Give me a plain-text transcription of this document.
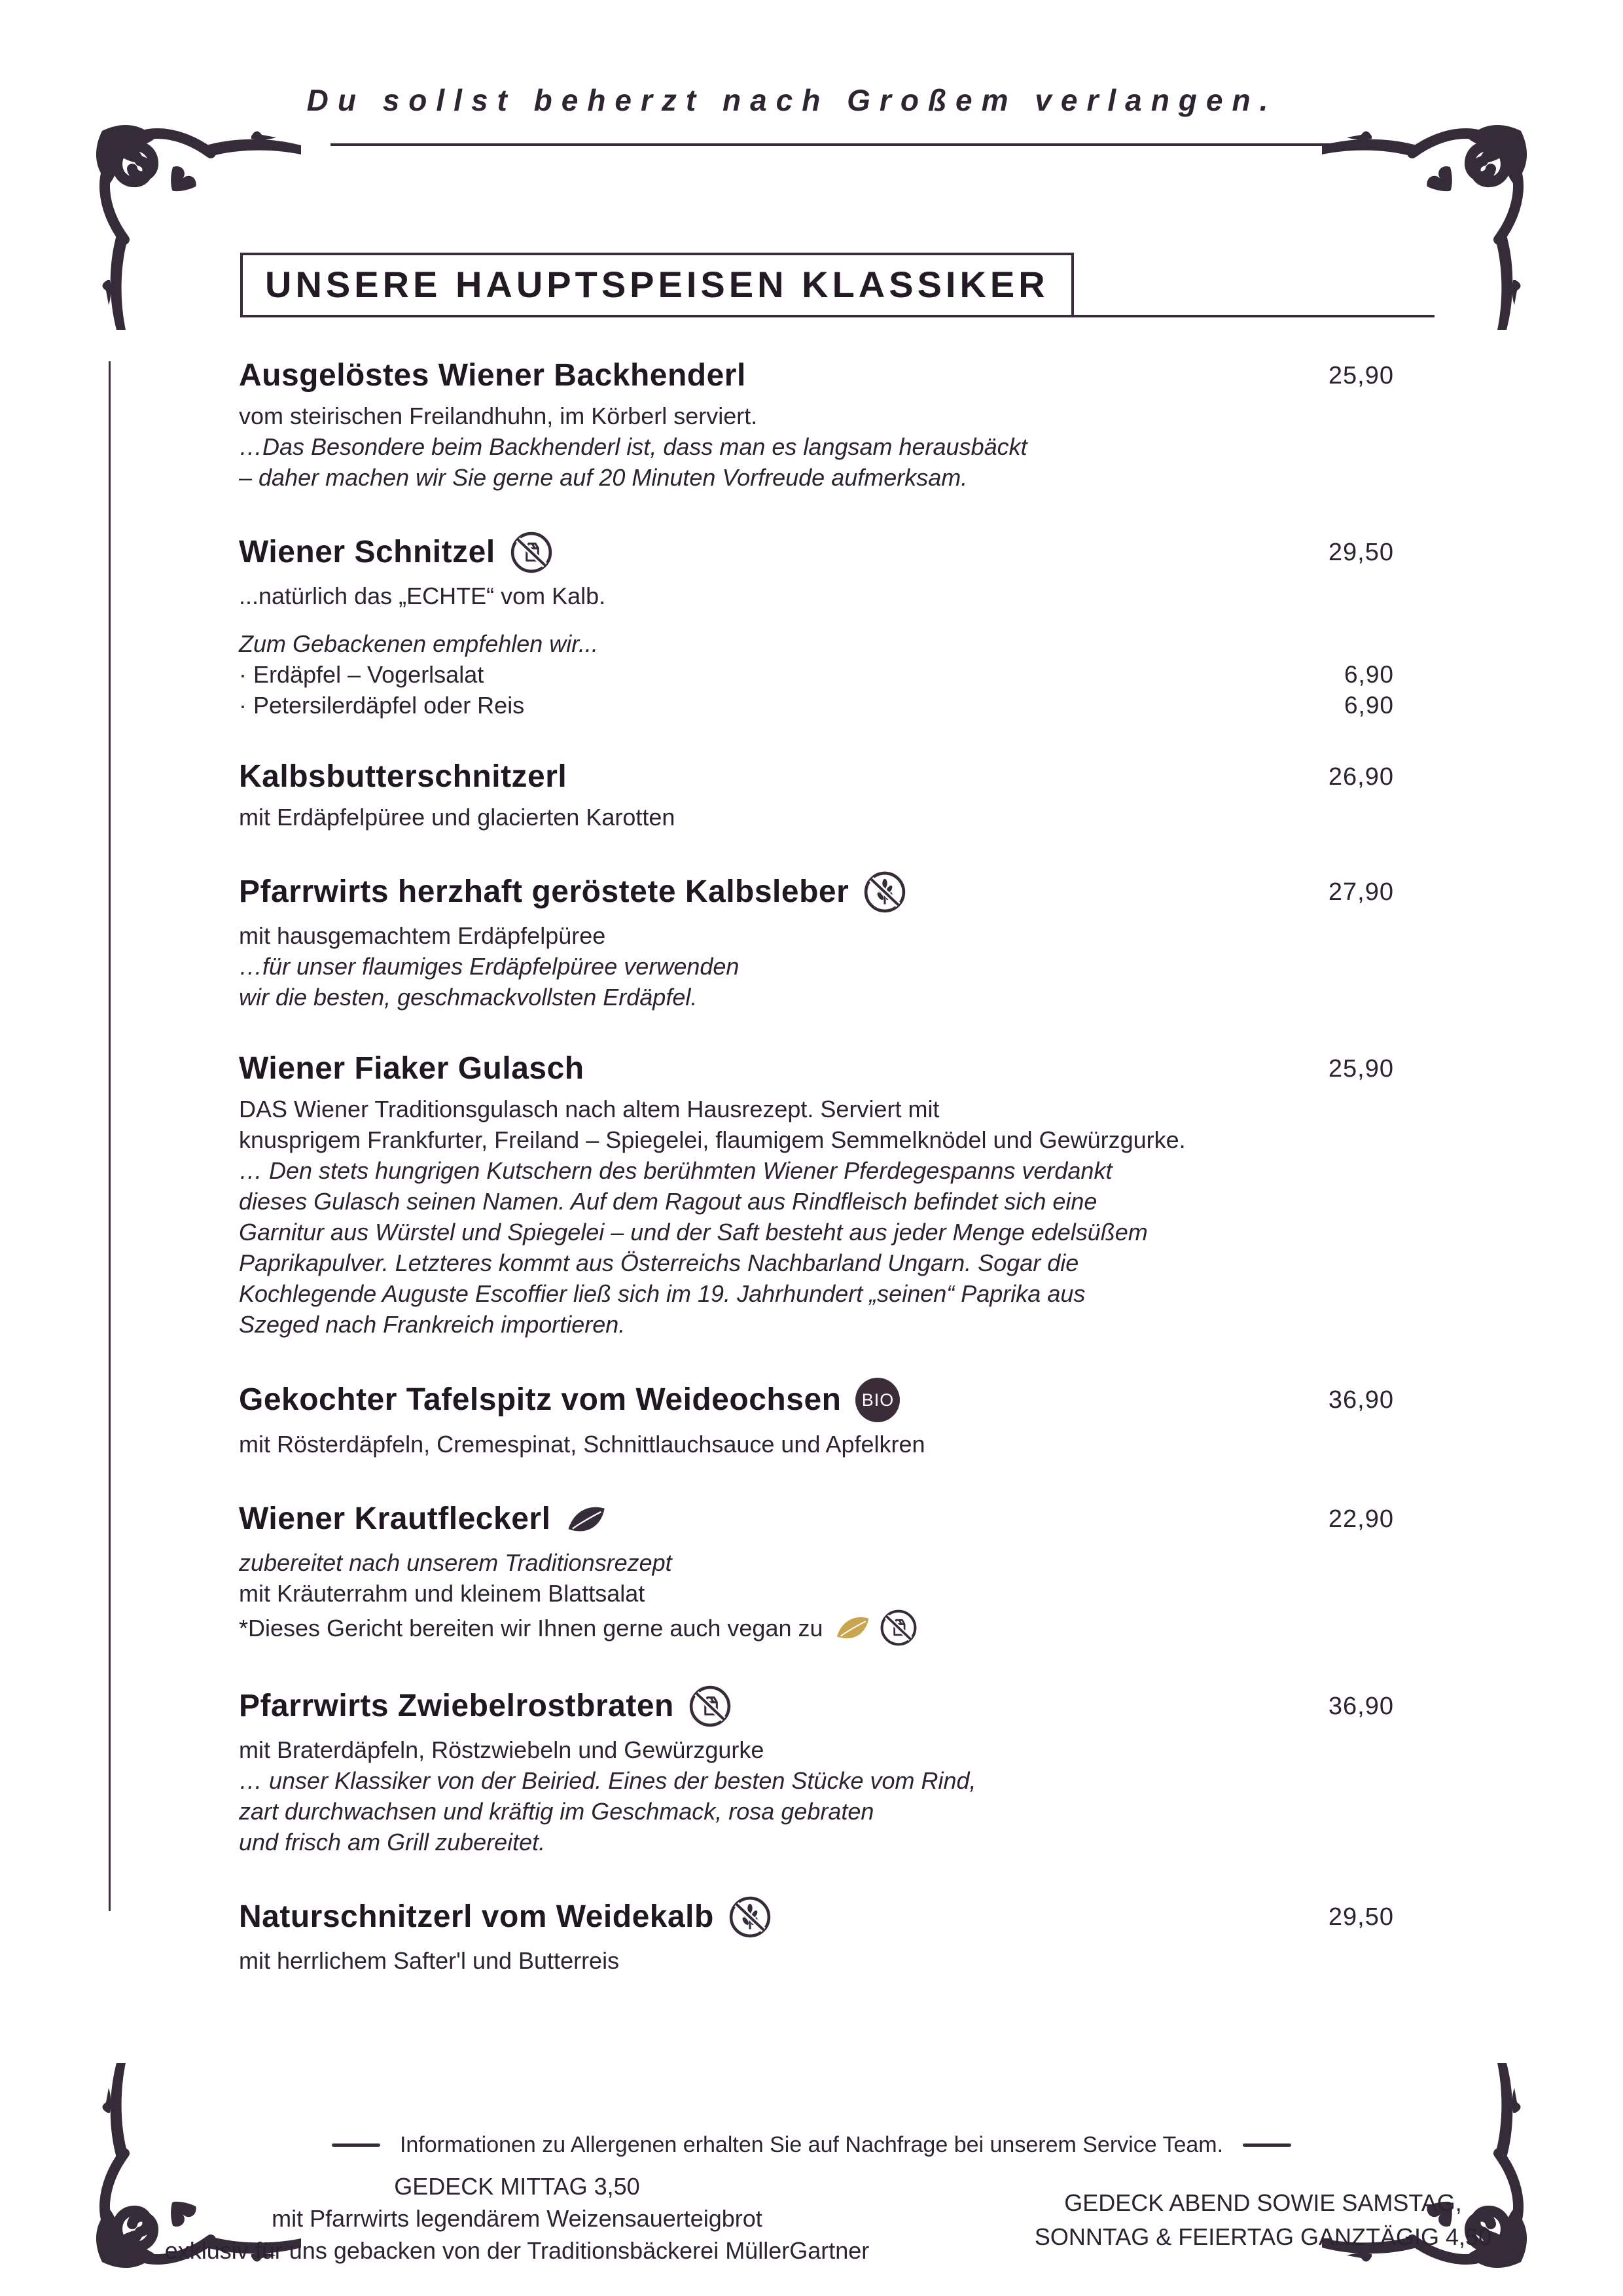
Du sollst beherzt nach Großem verlangen.
UNSERE HAUPTSPEISEN KLASSIKER
Ausgelöstes Wiener Backhenderl	25,90
vom steirischen Freilandhuhn, im Körberl serviert.
…Das Besondere beim Backhenderl ist, dass man es langsam herausbäckt
– daher machen wir Sie gerne auf 20 Minuten Vorfreude aufmerksam.
Wiener Schnitzel	29,50
...natürlich das „ECHTE“ vom Kalb.
Zum Gebackenen empfehlen wir...
· Erdäpfel – Vogerlsalat	6,90
· Petersilerdäpfel oder Reis	6,90
Kalbsbutterschnitzerl	26,90
mit Erdäpfelpüree und glacierten Karotten
Pfarrwirts herzhaft geröstete Kalbsleber	27,90
mit hausgemachtem Erdäpfelpüree
…für unser flaumiges Erdäpfelpüree verwenden
wir die besten, geschmackvollsten Erdäpfel.
Wiener Fiaker Gulasch	25,90
DAS Wiener Traditionsgulasch nach altem Hausrezept. Serviert mit
knusprigem Frankfurter, Freiland – Spiegelei, flaumigem Semmelknödel und Gewürzgurke.
… Den stets hungrigen Kutschern des berühmten Wiener Pferdegespanns verdankt
dieses Gulasch seinen Namen. Auf dem Ragout aus Rindfleisch befindet sich eine
Garnitur aus Würstel und Spiegelei – und der Saft besteht aus jeder Menge edelsüßem
Paprikapulver. Letzteres kommt aus Österreichs Nachbarland Ungarn. Sogar die
Kochlegende Auguste Escoffier ließ sich im 19. Jahrhundert „seinen“ Paprika aus
Szeged nach Frankreich importieren.
Gekochter Tafelspitz vom Weideochsen	BIO	36,90
mit Rösterdäpfeln, Cremespinat, Schnittlauchsauce und Apfelkren
Wiener Krautfleckerl	22,90
zubereitet nach unserem Traditionsrezept
mit Kräuterrahm und kleinem Blattsalat
*Dieses Gericht bereiten wir Ihnen gerne auch vegan zu
Pfarrwirts Zwiebelrostbraten	36,90
mit Braterdäpfeln, Röstzwiebeln und Gewürzgurke
… unser Klassiker von der Beiried. Eines der besten Stücke vom Rind,
zart durchwachsen und kräftig im Geschmack, rosa gebraten
und frisch am Grill zubereitet.
Naturschnitzerl vom Weidekalb	29,50
mit herrlichem Safter'l und Butterreis
Informationen zu Allergenen erhalten Sie auf Nachfrage bei unserem Service Team.
GEDECK MITTAG 3,50
mit Pfarrwirts legendärem Weizensauerteigbrot
exklusiv für uns gebacken von der Traditionsbäckerei MüllerGartner
GEDECK ABEND SOWIE SAMSTAG,
SONNTAG & FEIERTAG GANZTÄGIG 4,50
